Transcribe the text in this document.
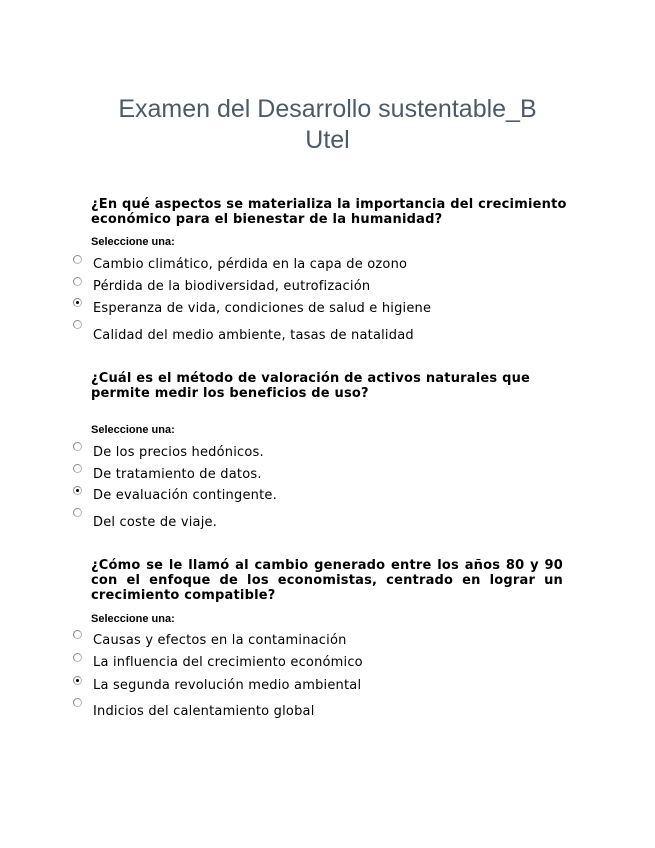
Examen del Desarrollo sustentable_B
Utel
¿En qué aspectos se materializa la importancia del crecimiento económico para el bienestar de la humanidad?
Seleccione una:
Cambio climático, pérdida en la capa de ozono
Pérdida de la biodiversidad, eutrofización
Esperanza de vida, condiciones de salud e higiene
Calidad del medio ambiente, tasas de natalidad
¿Cuál es el método de valoración de activos naturales que permite medir los beneficios de uso?
Seleccione una:
De los precios hedónicos.
De tratamiento de datos.
De evaluación contingente.
Del coste de viaje.
¿Cómo se le llamó al cambio generado entre los años 80 y 90 con el enfoque de los economistas, centrado en lograr un crecimiento compatible?
Seleccione una:
Causas y efectos en la contaminación
La influencia del crecimiento económico
La segunda revolución medio ambiental
Indicios del calentamiento global
